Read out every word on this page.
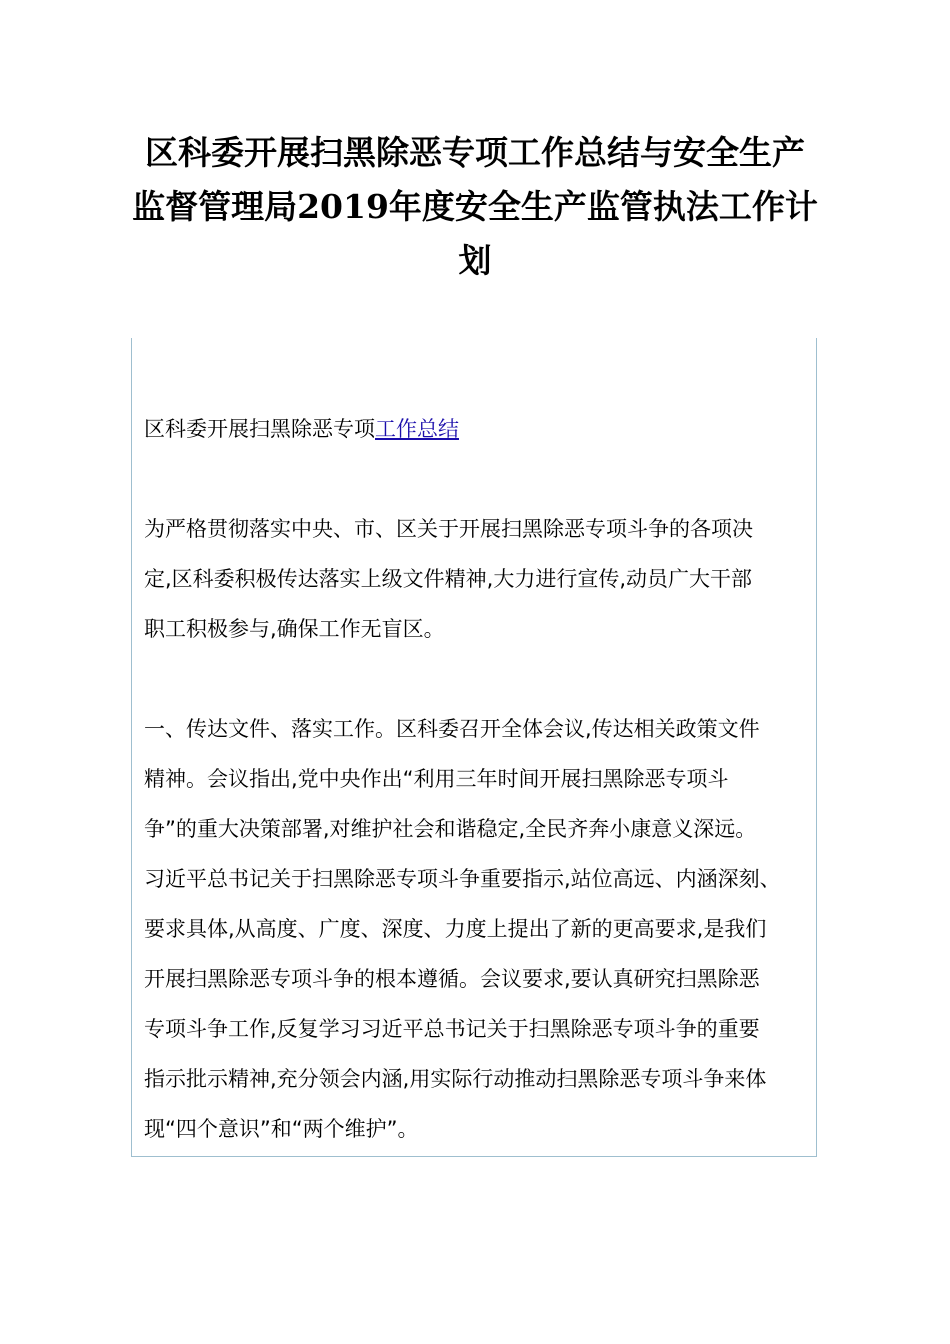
区科委开展扫黑除恶专项工作总结与安全生产
监督管理局2019年度安全生产监管执法工作计
划

区科委开展扫黑除恶专项工作总结

为严格贯彻落实中央、市、区关于开展扫黑除恶专项斗争的各项决

定,区科委积极传达落实上级文件精神,大力进行宣传,动员广大干部

职工积极参与,确保工作无盲区。

一、传达文件、落实工作。区科委召开全体会议,传达相关政策文件

精神。会议指出,党中央作出“利用三年时间开展扫黑除恶专项斗

争”的重大决策部署,对维护社会和谐稳定,全民齐奔小康意义深远。

习近平总书记关于扫黑除恶专项斗争重要指示,站位高远、内涵深刻、

要求具体,从高度、广度、深度、力度上提出了新的更高要求,是我们

开展扫黑除恶专项斗争的根本遵循。会议要求,要认真研究扫黑除恶

专项斗争工作,反复学习习近平总书记关于扫黑除恶专项斗争的重要

指示批示精神,充分领会内涵,用实际行动推动扫黑除恶专项斗争来体

现“四个意识”和“两个维护”。
